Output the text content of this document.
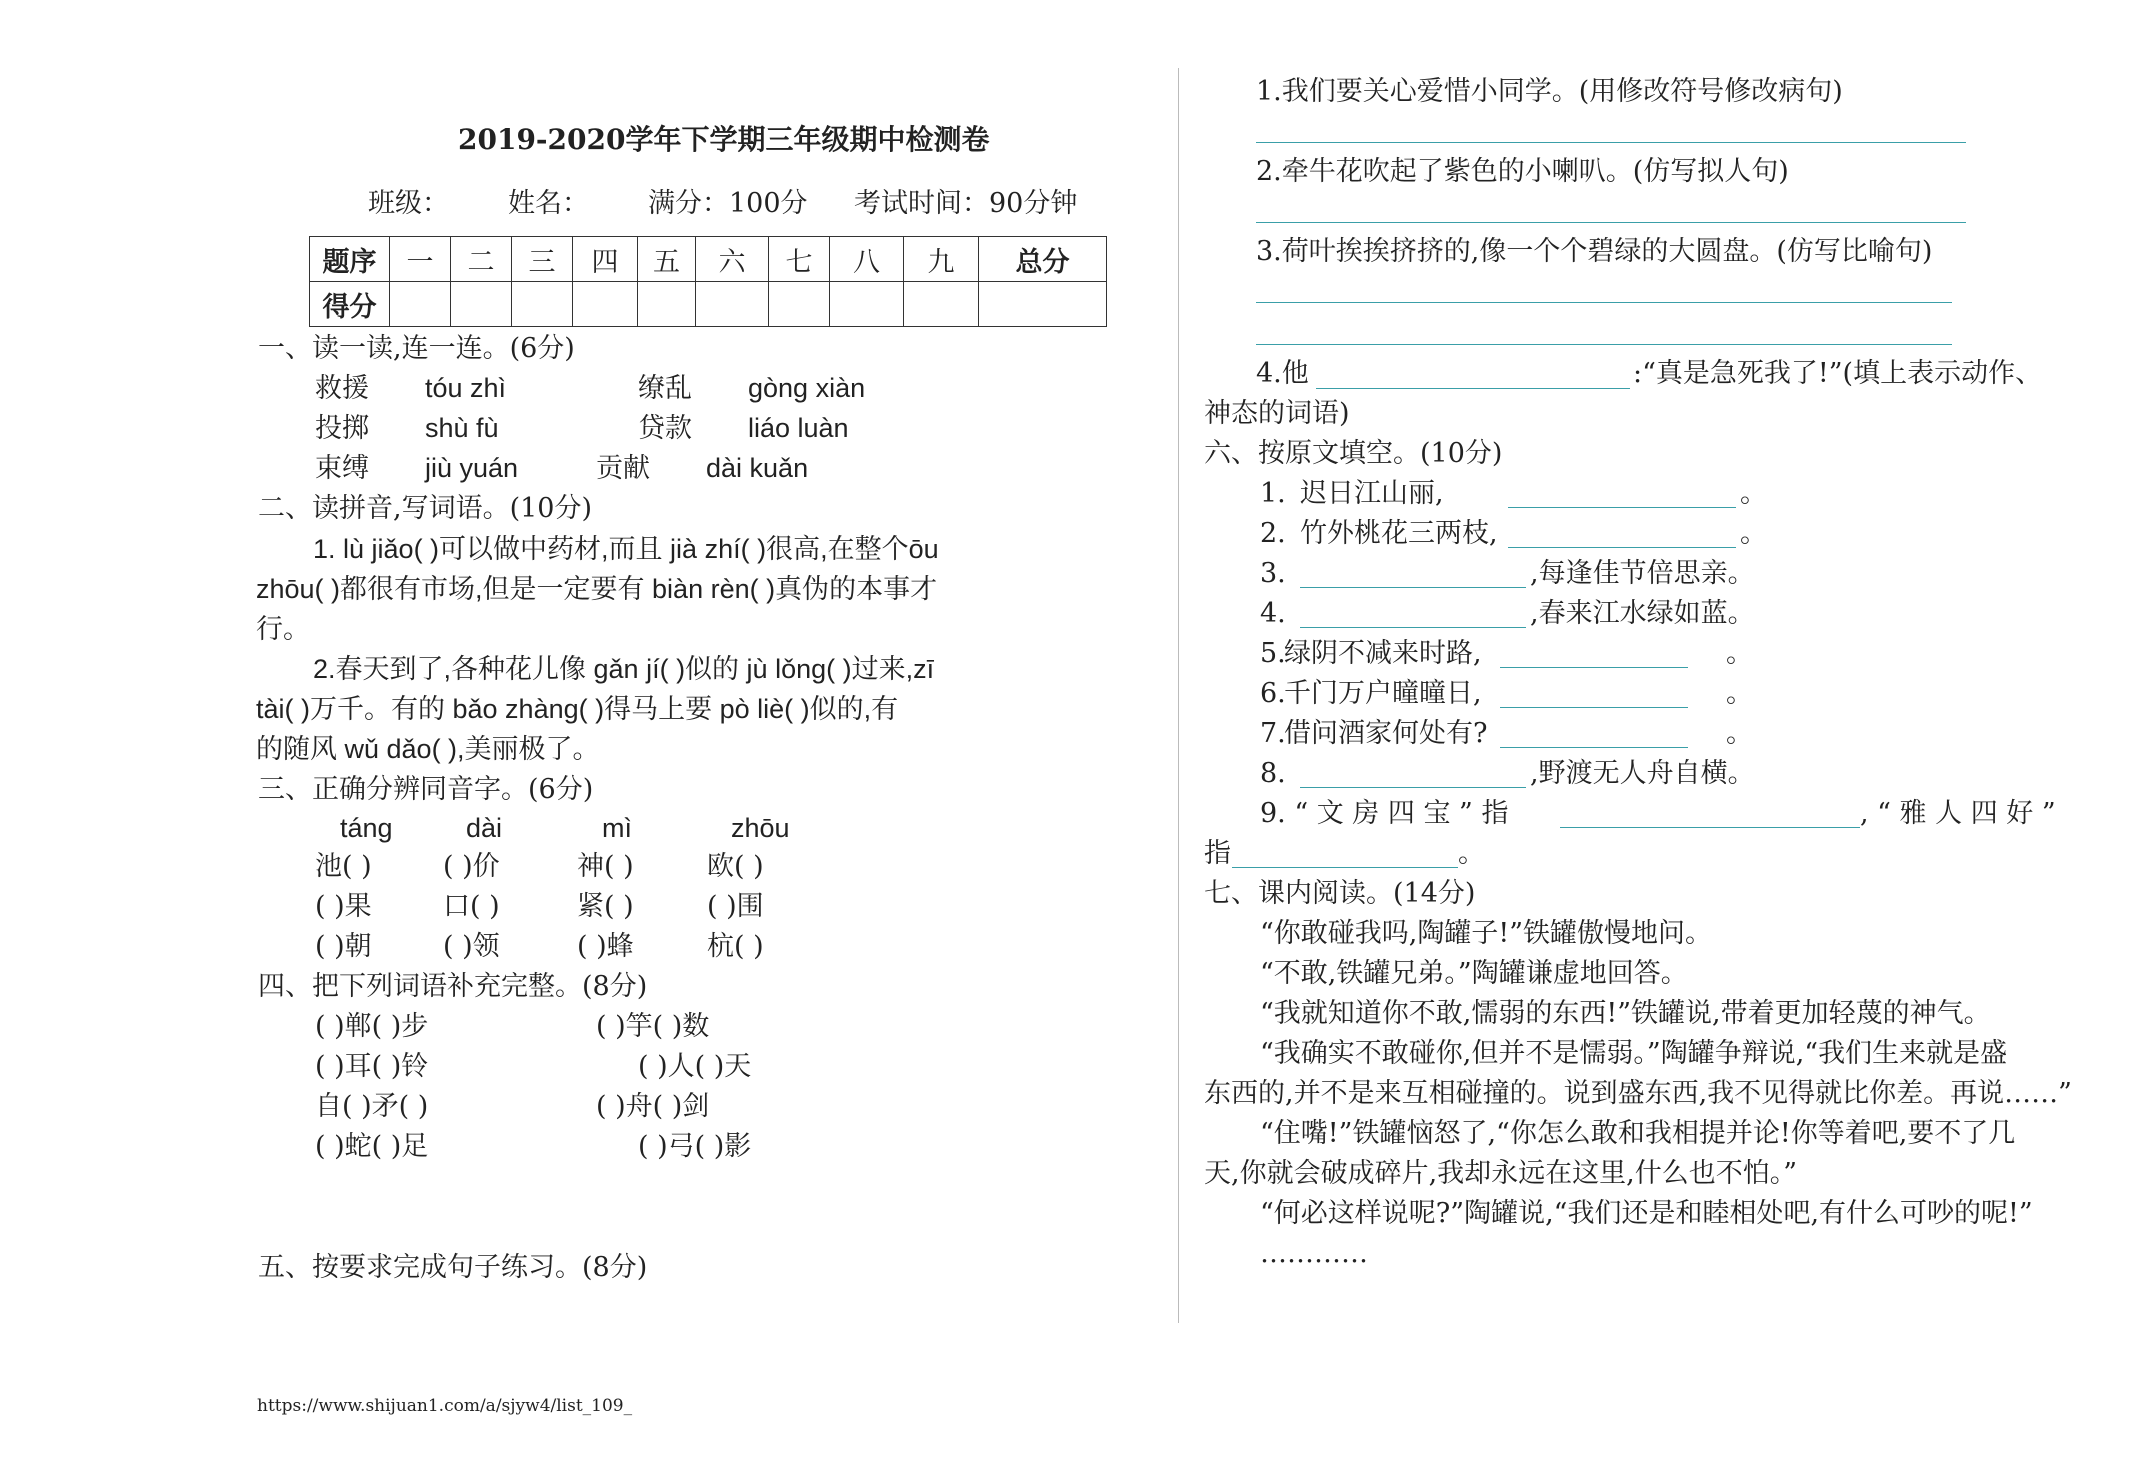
2019-2020学年下学期三年级期中检测卷
班级： 姓名： 满分：100分 考试时间：90分钟
题序	一	二	三	四	五	六	七	八	九	总分
得分										
一、读一读,连一连。(6分)
救援 tóu zhì	缭乱 gòng xiàn
投掷 shù fù	贷款 liáo luàn
束缚 jiù yuán	贡献 dài kuǎn
二、读拼音,写词语。(10分)
1. lù jiǎo( )可以做中药材,而且 jià zhí( )很高,在整个ōu
zhōu( )都很有市场,但是一定要有 biàn rèn( )真伪的本事才
行。
2.春天到了,各种花儿像 gǎn jí( )似的 jù lǒng( )过来,zī
tài( )万千。有的 bǎo zhàng( )得马上要 pò liè( )似的,有
的随风 wǔ dǎo( ),美丽极了。
三、正确分辨同音字。(6分)
táng	dài	mì	zhōu
池( )	( )价	神( )	欧( )
( )果	口( )	紧( )	( )围
( )朝	( )领	( )蜂	杭( )
四、把下列词语补充完整。(8分)
( )郸( )步	( )竽( )数
( )耳( )铃	( )人( )天
自( )矛( )	( )舟( )剑
( )蛇( )足	( )弓( )影
五、按要求完成句子练习。(8分)
https://www.shijuan1.com/a/sjyw4/list_109_
1.我们要关心爱惜小同学。(用修改符号修改病句)
2.牵牛花吹起了紫色的小喇叭。(仿写拟人句)
3.荷叶挨挨挤挤的,像一个个碧绿的大圆盘。(仿写比喻句)
4.他	:“真是急死我了!”(填上表示动作、
神态的词语)
六、按原文填空。(10分)
1. 迟日江山丽,	。
2. 竹外桃花三两枝,	。
3.	,每逢佳节倍思亲。
4.	,春来江水绿如蓝。
5.
绿阴不减来时路,	。
6.
千门万户曈曈日,	。
7.
借问酒家何处有?	。
8.	,野渡无人舟自横。
9. “ 文 房 四 宝 ” 指	, “ 雅 人 四 好 ”
指	。
七、课内阅读。(14分)
“你敢碰我吗,陶罐子!”铁罐傲慢地问。
“不敢,铁罐兄弟。”陶罐谦虚地回答。
“我就知道你不敢,懦弱的东西!”铁罐说,带着更加轻蔑的神气。
“我确实不敢碰你,但并不是懦弱。”陶罐争辩说,“我们生来就是盛
东西的,并不是来互相碰撞的。说到盛东西,我不见得就比你差。再说……”
“住嘴!”铁罐恼怒了,“你怎么敢和我相提并论!你等着吧,要不了几
天,你就会破成碎片,我却永远在这里,什么也不怕。”
“何必这样说呢?”陶罐说,“我们还是和睦相处吧,有什么可吵的呢!”
…………
